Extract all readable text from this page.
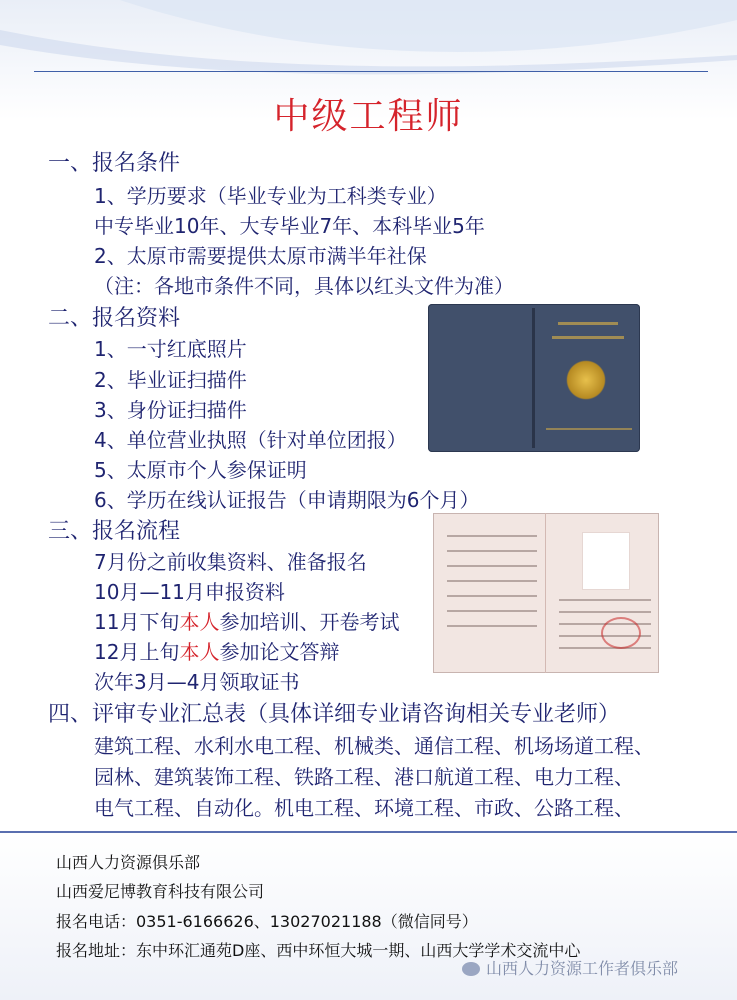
中级工程师
一、报名条件
1、学历要求（毕业专业为工科类专业）
中专毕业10年、大专毕业7年、本科毕业5年
2、太原市需要提供太原市满半年社保
（注：各地市条件不同，具体以红头文件为准）
二、报名资料
1、一寸红底照片
2、毕业证扫描件
3、身份证扫描件
4、单位营业执照（针对单位团报）
5、太原市个人参保证明
6、学历在线认证报告（申请期限为6个月）
三、报名流程
7月份之前收集资料、准备报名
10月—11月申报资料
11月下旬本人参加培训、开卷考试
12月上旬本人参加论文答辩
次年3月—4月领取证书
四、评审专业汇总表（具体详细专业请咨询相关专业老师）
建筑工程、水利水电工程、机械类、通信工程、机场场道工程、
园林、建筑装饰工程、铁路工程、港口航道工程、电力工程、
电气工程、自动化。机电工程、环境工程、市政、公路工程、
山西人力资源俱乐部
山西爱尼博教育科技有限公司
报名电话：0351-6166626、13027021188（微信同号）
报名地址：东中环汇通苑D座、西中环恒大城一期、山西大学学术交流中心
山西人力资源工作者俱乐部
